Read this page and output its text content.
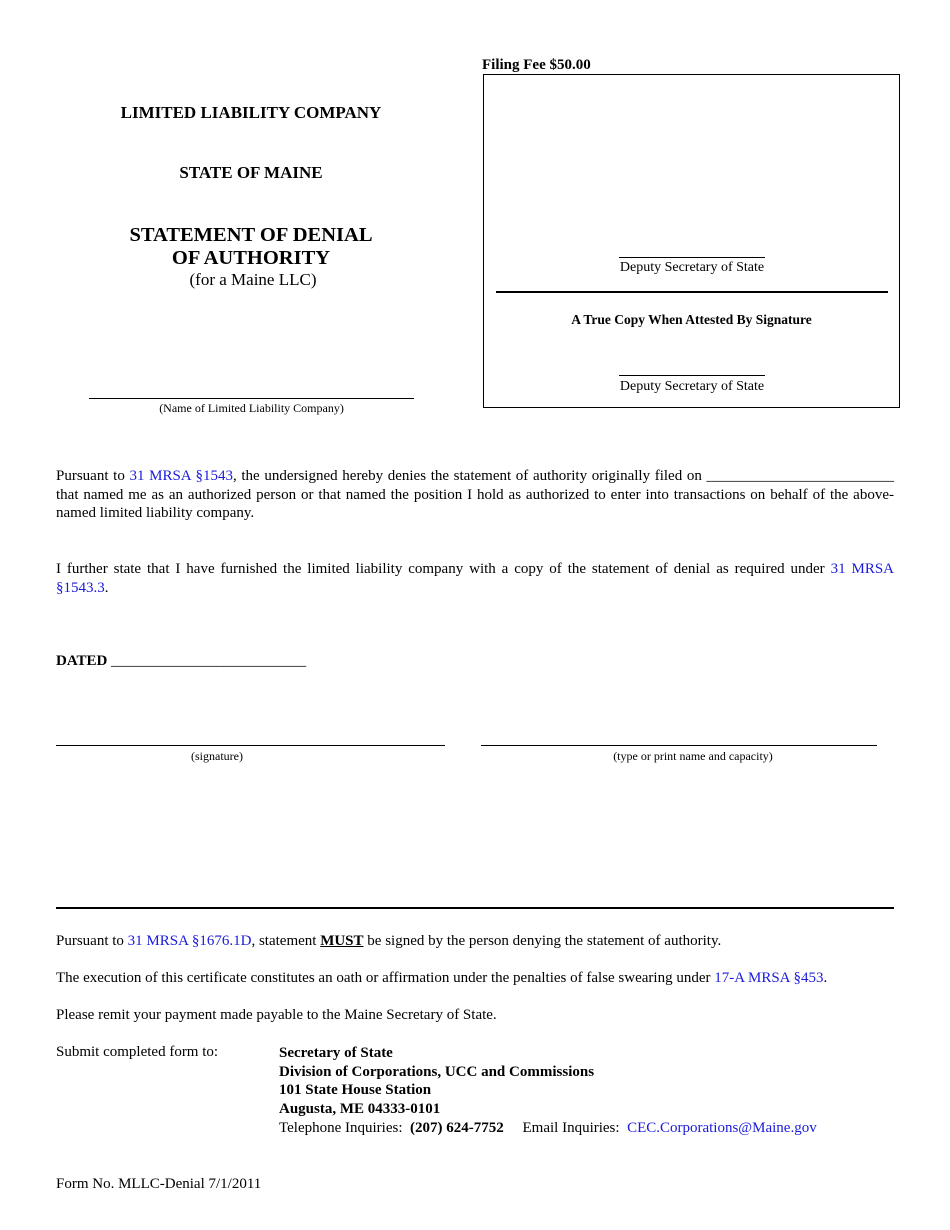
LIMITED LIABILITY COMPANY
STATE OF MAINE
STATEMENT OF DENIAL
OF AUTHORITY
(for a Maine LLC)
(Name of Limited Liability Company)
Filing Fee $50.00
Deputy Secretary of State
A True Copy When Attested By Signature
Deputy Secretary of State
Pursuant to 31 MRSA §1543, the undersigned hereby denies the statement of authority originally filed on _________________________ that named me as an authorized person or that named the position I hold as authorized to enter into transactions on behalf of the above-named limited liability company.
I further state that I have furnished the limited liability company with a copy of the statement of denial as required under 31 MRSA §1543.3.
DATED __________________________
(signature)	(type or print name and capacity)
Pursuant to 31 MRSA §1676.1D, statement MUST be signed by the person denying the statement of authority.
The execution of this certificate constitutes an oath or affirmation under the penalties of false swearing under 17-A MRSA §453.
Please remit your payment made payable to the Maine Secretary of State.
Submit completed form to:	Secretary of State
Division of Corporations, UCC and Commissions
101 State House Station
Augusta, ME 04333-0101
Telephone Inquiries: (207) 624-7752 Email Inquiries: CEC.Corporations@Maine.gov
Form No. MLLC-Denial 7/1/2011
